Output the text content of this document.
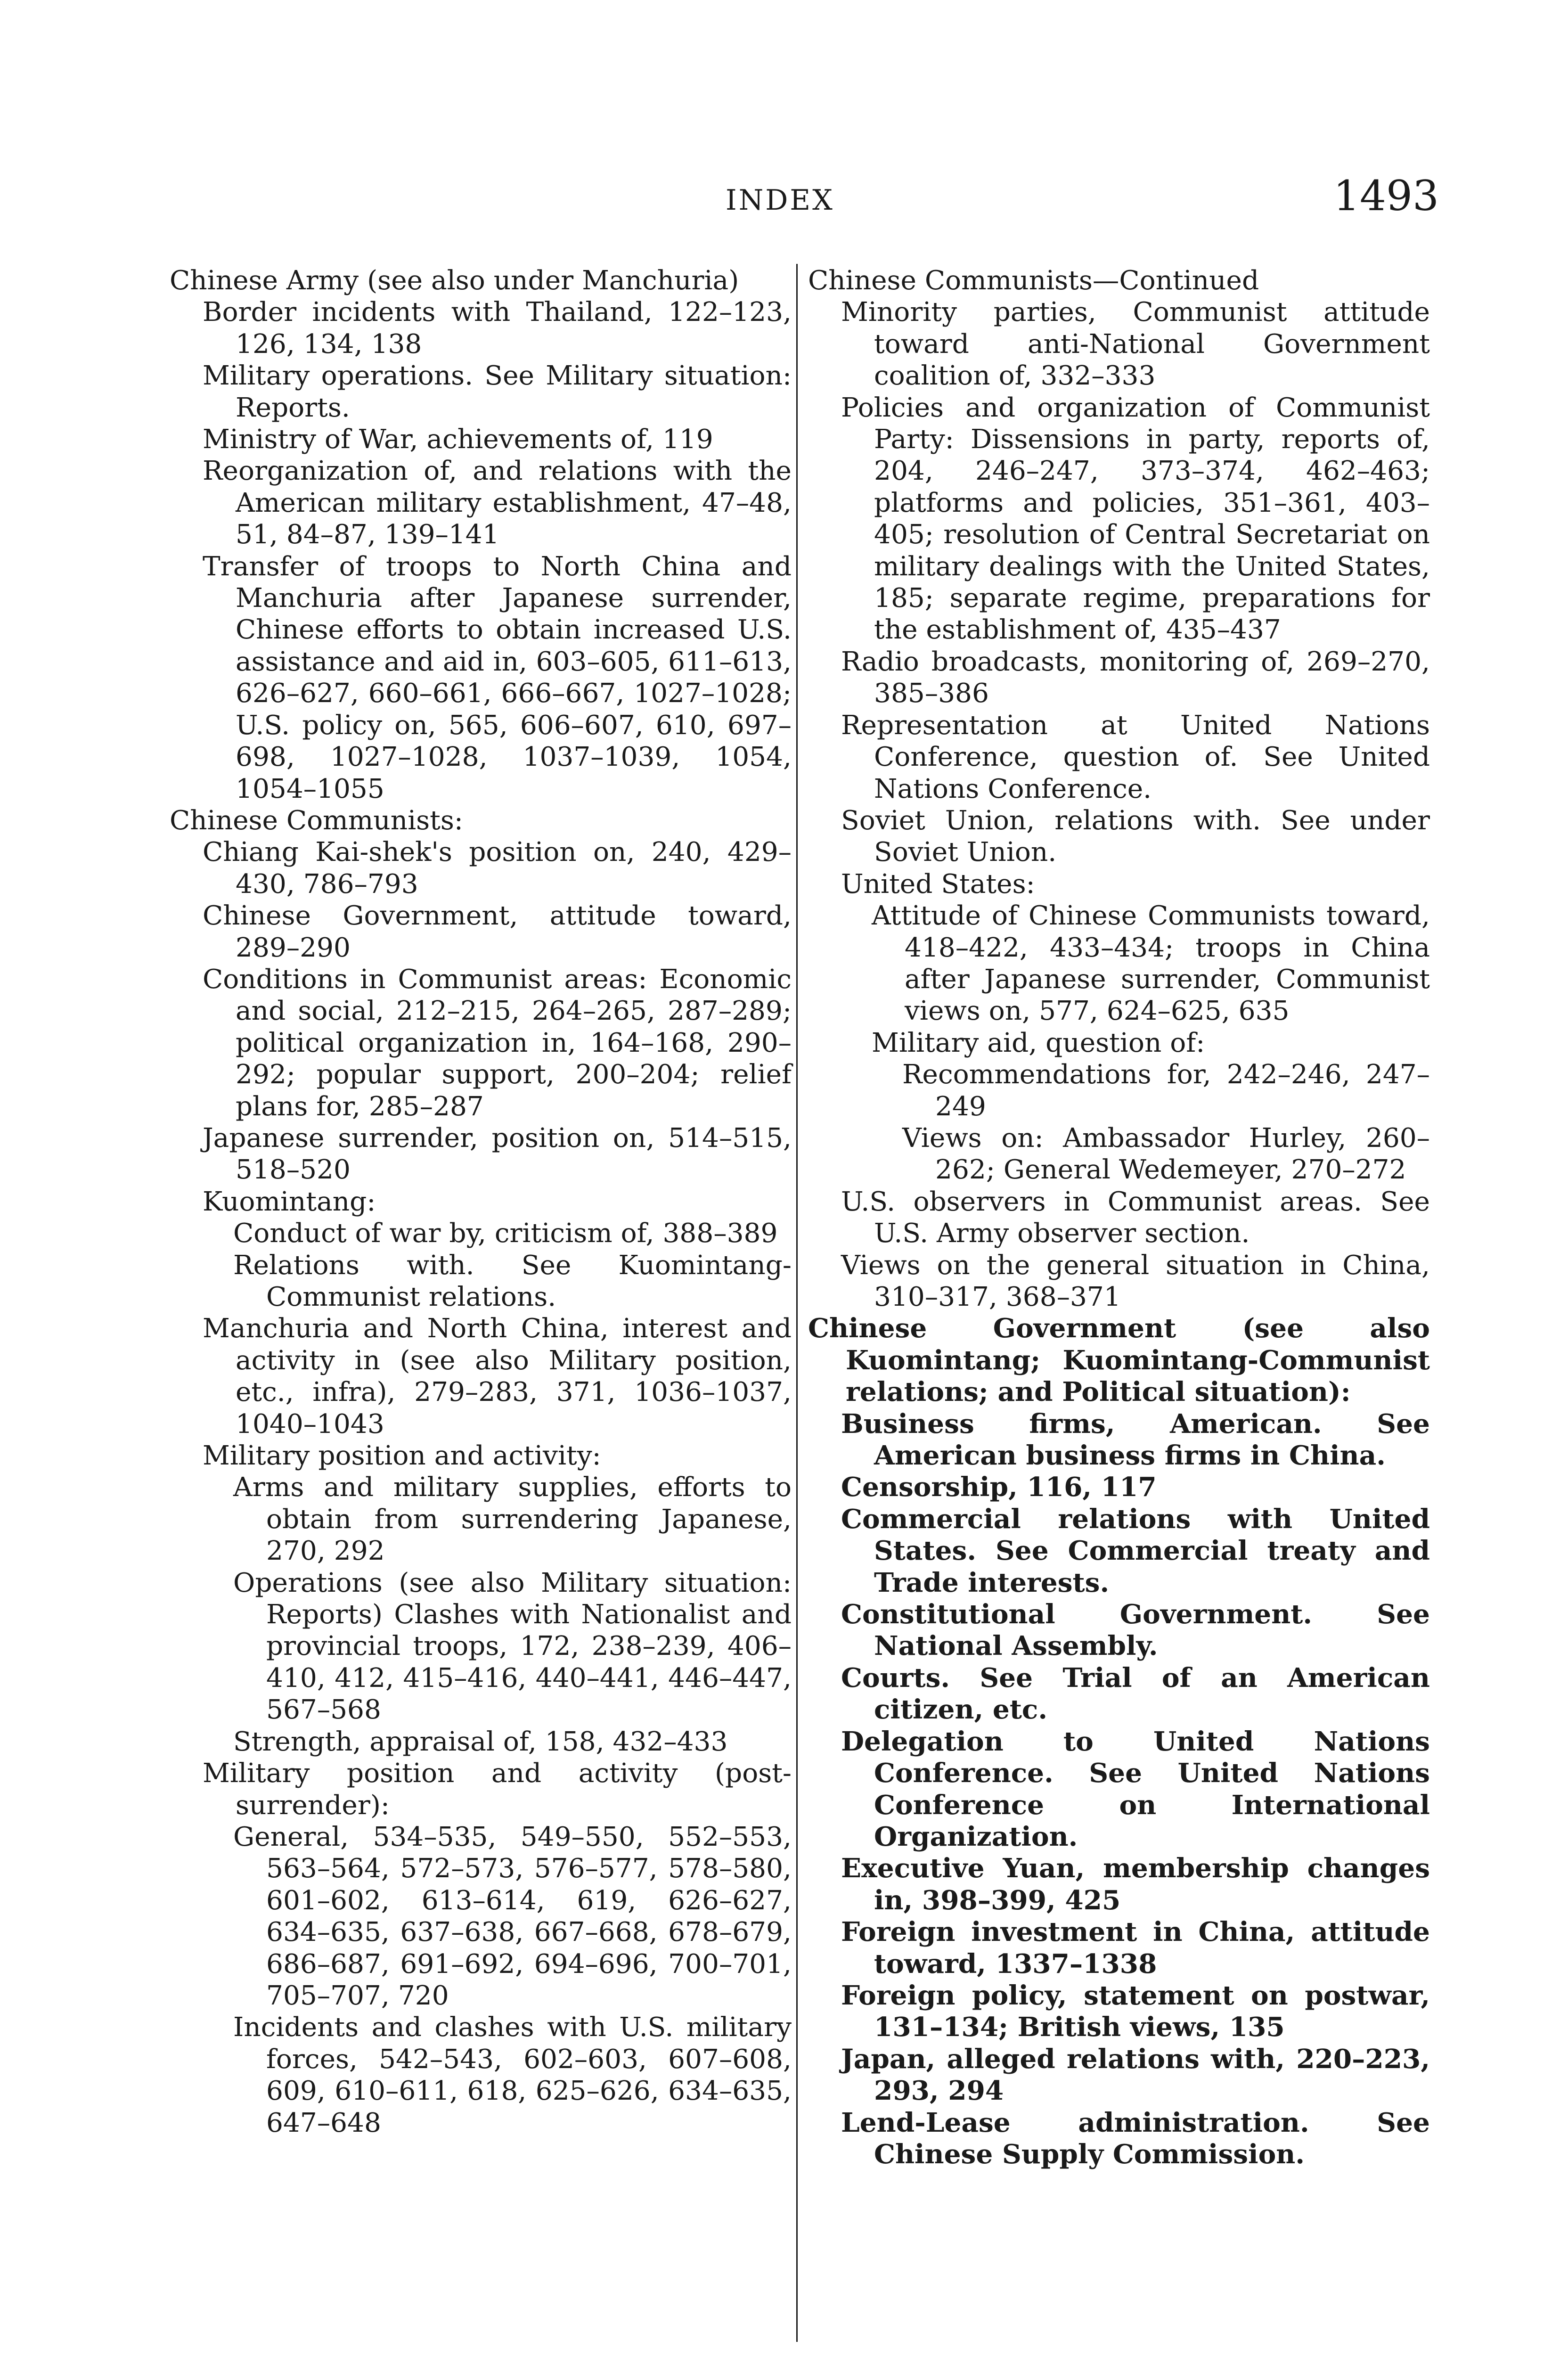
INDEX	1493
Chinese Army (see also under Manchuria)
Border incidents with Thailand, 122–123, 126, 134, 138
Military operations. See Military situation: Reports.
Ministry of War, achievements of, 119
Reorganization of, and relations with the American military establishment, 47–48, 51, 84–87, 139–141
Transfer of troops to North China and Manchuria after Japanese surrender, Chinese efforts to obtain increased U.S. assistance and aid in, 603–605, 611–613, 626–627, 660–661, 666–667, 1027–1028; U.S. policy on, 565, 606–607, 610, 697–698, 1027–1028, 1037–1039, 1054, 1054–1055
Chinese Communists:
Chiang Kai-shek's position on, 240, 429–430, 786–793
Chinese Government, attitude toward, 289–290
Conditions in Communist areas: Economic and social, 212–215, 264–265, 287–289; political organization in, 164–168, 290–292; popular support, 200–204; relief plans for, 285–287
Japanese surrender, position on, 514–515, 518–520
Kuomintang:
Conduct of war by, criticism of, 388–389
Relations with. See Kuomintang-Communist relations.
Manchuria and North China, interest and activity in (see also Military position, etc., infra), 279–283, 371, 1036–1037, 1040–1043
Military position and activity:
Arms and military supplies, efforts to obtain from surrendering Japanese, 270, 292
Operations (see also Military situation: Reports) Clashes with Nationalist and provincial troops, 172, 238–239, 406–410, 412, 415–416, 440–441, 446–447, 567–568
Strength, appraisal of, 158, 432–433
Military position and activity (post-surrender):
General, 534–535, 549–550, 552–553, 563–564, 572–573, 576–577, 578–580, 601–602, 613–614, 619, 626–627, 634–635, 637–638, 667–668, 678–679, 686–687, 691–692, 694–696, 700–701, 705–707, 720
Incidents and clashes with U.S. military forces, 542–543, 602–603, 607–608, 609, 610–611, 618, 625–626, 634–635, 647–648
Chinese Communists—Continued
Minority parties, Communist attitude toward anti-National Government coalition of, 332–333
Policies and organization of Communist Party: Dissensions in party, reports of, 204, 246–247, 373–374, 462–463; platforms and policies, 351–361, 403–405; resolution of Central Secretariat on military dealings with the United States, 185; separate regime, preparations for the establishment of, 435–437
Radio broadcasts, monitoring of, 269–270, 385–386
Representation at United Nations Conference, question of. See United Nations Conference.
Soviet Union, relations with. See under Soviet Union.
United States:
Attitude of Chinese Communists toward, 418–422, 433–434; troops in China after Japanese surrender, Communist views on, 577, 624–625, 635
Military aid, question of:
Recommendations for, 242–246, 247–249
Views on: Ambassador Hurley, 260–262; General Wedemeyer, 270–272
U.S. observers in Communist areas. See U.S. Army observer section.
Views on the general situation in China, 310–317, 368–371
Chinese Government (see also Kuomintang; Kuomintang-Communist relations; and Political situation):
Business firms, American. See American business firms in China.
Censorship, 116, 117
Commercial relations with United States. See Commercial treaty and Trade interests.
Constitutional Government. See National Assembly.
Courts. See Trial of an American citizen, etc.
Delegation to United Nations Conference. See United Nations Conference on International Organization.
Executive Yuan, membership changes in, 398–399, 425
Foreign investment in China, attitude toward, 1337–1338
Foreign policy, statement on postwar, 131–134; British views, 135
Japan, alleged relations with, 220–223, 293, 294
Lend-Lease administration. See Chinese Supply Commission.
